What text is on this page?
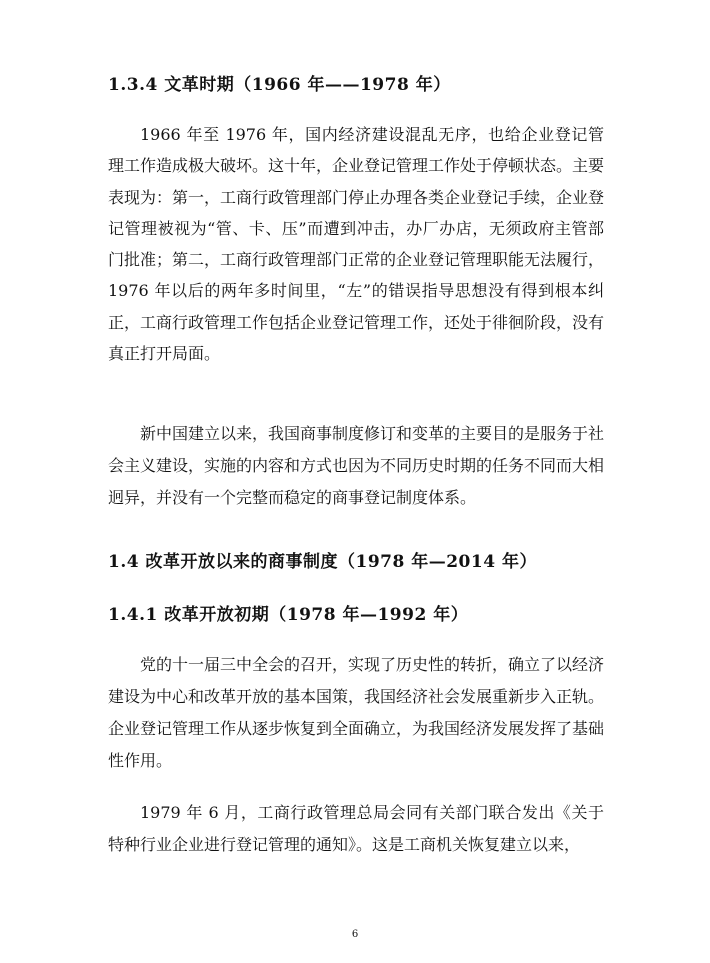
1.3.4 文革时期（1966 年——1978 年）

1966 年至 1976 年，国内经济建设混乱无序，也给企业登记管理工作造成极大破坏。这十年，企业登记管理工作处于停顿状态。主要表现为：第一，工商行政管理部门停止办理各类企业登记手续，企业登记管理被视为“管、卡、压”而遭到冲击，办厂办店，无须政府主管部门批准；第二，工商行政管理部门正常的企业登记管理职能无法履行，1976 年以后的两年多时间里，“左”的错误指导思想没有得到根本纠正，工商行政管理工作包括企业登记管理工作，还处于徘徊阶段，没有真正打开局面。

新中国建立以来，我国商事制度修订和变革的主要目的是服务于社会主义建设，实施的内容和方式也因为不同历史时期的任务不同而大相迥异，并没有一个完整而稳定的商事登记制度体系。

1.4 改革开放以来的商事制度（1978 年—2014 年）
1.4.1 改革开放初期（1978 年—1992 年）

党的十一届三中全会的召开，实现了历史性的转折，确立了以经济建设为中心和改革开放的基本国策，我国经济社会发展重新步入正轨。企业登记管理工作从逐步恢复到全面确立，为我国经济发展发挥了基础性作用。

1979 年 6 月，工商行政管理总局会同有关部门联合发出《关于特种行业企业进行登记管理的通知》。这是工商机关恢复建立以来，

6
